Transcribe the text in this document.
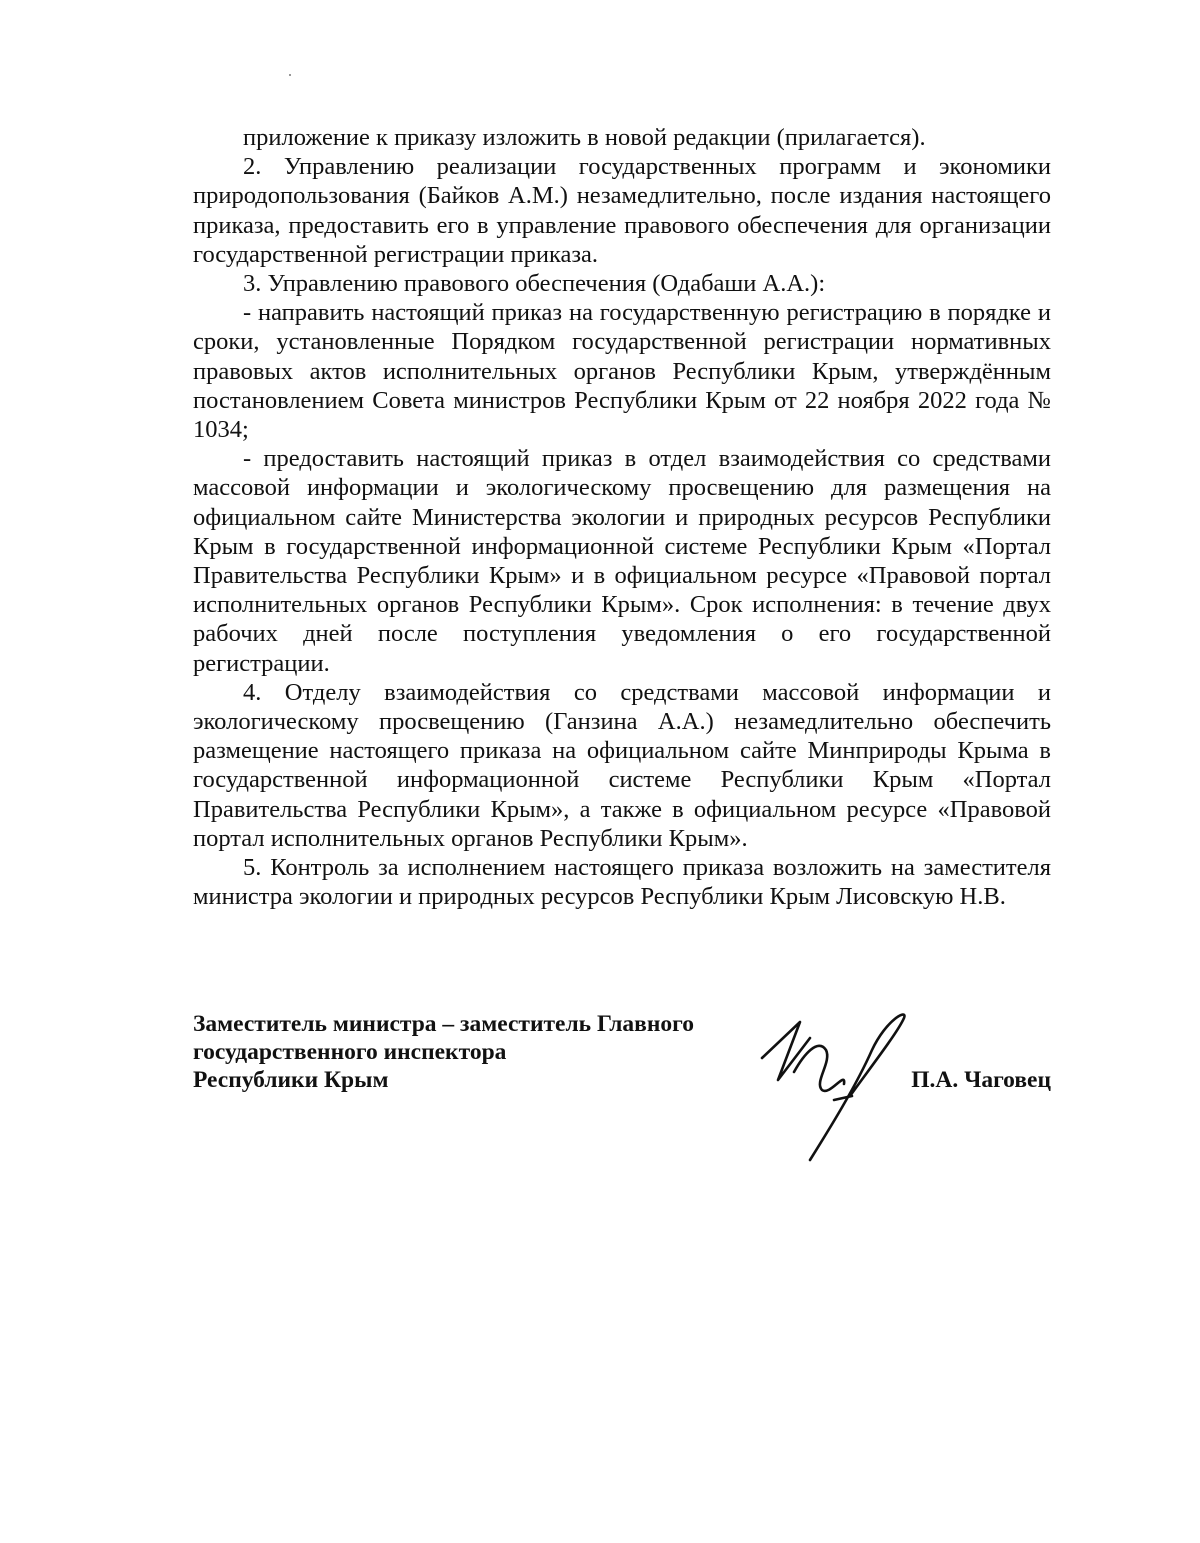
приложение к приказу изложить в новой редакции (прилагается).

2. Управлению реализации государственных программ и экономики природопользования (Байков А.М.) незамедлительно, после издания настоящего приказа, предоставить его в управление правового обеспечения для организации государственной регистрации приказа.

3. Управлению правового обеспечения (Одабаши А.А.):

- направить настоящий приказ на государственную регистрацию в порядке и сроки, установленные Порядком государственной регистрации нормативных правовых актов исполнительных органов Республики Крым, утверждённым постановлением Совета министров Республики Крым от 22 ноября 2022 года № 1034;

- предоставить настоящий приказ в отдел взаимодействия со средствами массовой информации и экологическому просвещению для размещения на официальном сайте Министерства экологии и природных ресурсов Республики Крым в государственной информационной системе Республики Крым «Портал Правительства Республики Крым» и в официальном ресурсе «Правовой портал исполнительных органов Республики Крым». Срок исполнения: в течение двух рабочих дней после поступления уведомления о его государственной регистрации.

4. Отделу взаимодействия со средствами массовой информации и экологическому просвещению (Ганзина А.А.) незамедлительно обеспечить размещение настоящего приказа на официальном сайте Минприроды Крыма в государственной информационной системе Республики Крым «Портал Правительства Республики Крым», а также в официальном ресурсе «Правовой портал исполнительных органов Республики Крым».

5. Контроль за исполнением настоящего приказа возложить на заместителя министра экологии и природных ресурсов Республики Крым Лисовскую Н.В.

Заместитель министра – заместитель Главного
государственного инспектора
Республики Крым	П.А. Чаговец
